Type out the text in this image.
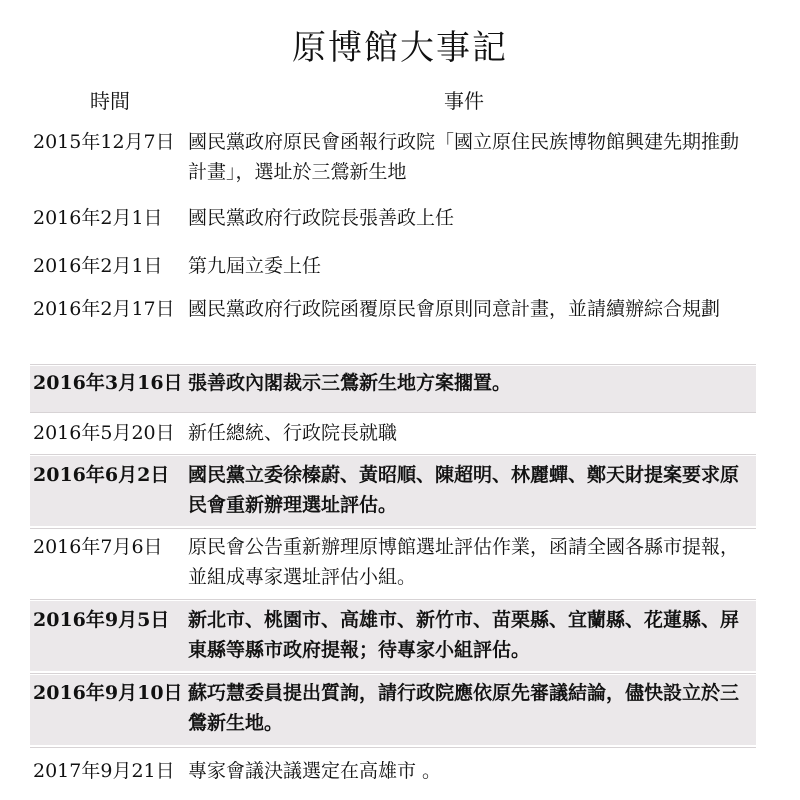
原博館大事記
時間	事件
2015年12月7日 國民黨政府原民會函報行政院「國立原住民族博物館興建先期推動計畫」，選址於三鶯新生地
2016年2月1日 國民黨政府行政院長張善政上任
2016年2月1日 第九屆立委上任
2016年2月17日 國民黨政府行政院函覆原民會原則同意計畫，並請續辦綜合規劃
2016年3月16日 張善政內閣裁示三鶯新生地方案擱置。
2016年5月20日 新任總統、行政院長就職
2016年6月2日 國民黨立委徐榛蔚、黃昭順、陳超明、林麗蟬、鄭天財提案要求原民會重新辦理選址評估。
2016年7月6日 原民會公告重新辦理原博館選址評估作業，函請全國各縣市提報，並組成專家選址評估小組。
2016年9月5日 新北市、桃園市、高雄市、新竹市、苗栗縣、宜蘭縣、花蓮縣、屏東縣等縣市政府提報；待專家小組評估。
2016年9月10日 蘇巧慧委員提出質詢，請行政院應依原先審議結論，儘快設立於三鶯新生地。
2017年9月21日 專家會議決議選定在高雄市 。
